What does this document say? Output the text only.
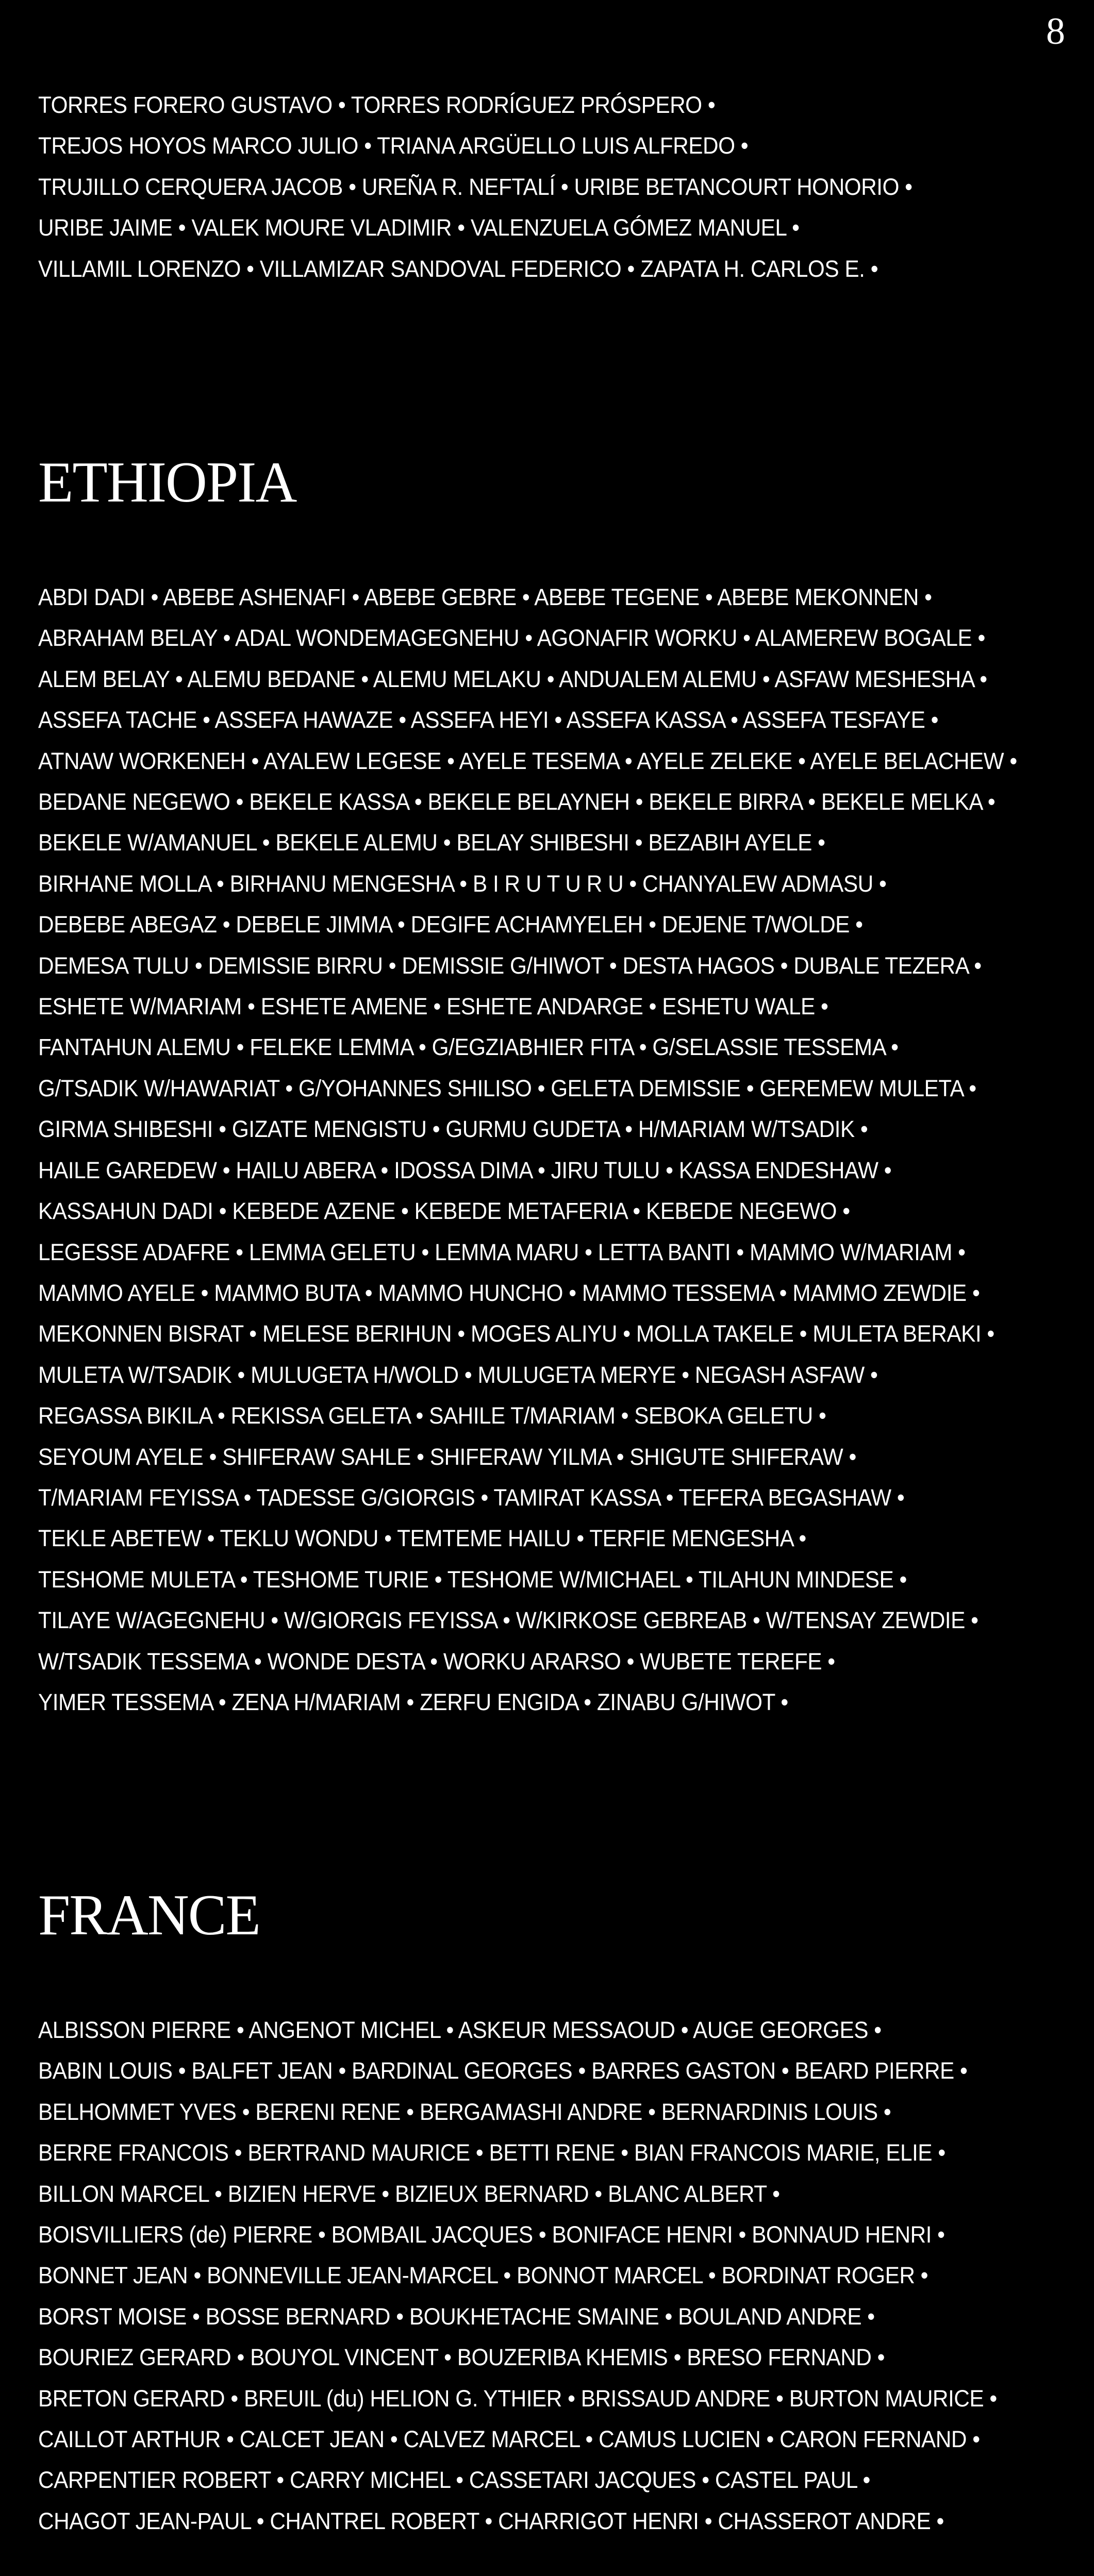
8

TORRES FORERO GUSTAVO • TORRES RODRÍGUEZ PRÓSPERO •

TREJOS HOYOS MARCO JULIO • TRIANA ARGÜELLO LUIS ALFREDO •

TRUJILLO CERQUERA JACOB • UREÑA R. NEFTALÍ • URIBE BETANCOURT HONORIO •

URIBE JAIME • VALEK MOURE VLADIMIR • VALENZUELA GÓMEZ MANUEL •

VILLAMIL LORENZO • VILLAMIZAR SANDOVAL FEDERICO • ZAPATA H. CARLOS E. •

ETHIOPIA

ABDI DADI • ABEBE ASHENAFI • ABEBE GEBRE • ABEBE TEGENE • ABEBE MEKONNEN •

ABRAHAM BELAY • ADAL WONDEMAGEGNEHU • AGONAFIR WORKU • ALAMEREW BOGALE •

ALEM BELAY • ALEMU BEDANE • ALEMU MELAKU • ANDUALEM ALEMU • ASFAW MESHESHA •

ASSEFA TACHE • ASSEFA HAWAZE • ASSEFA HEYI • ASSEFA KASSA • ASSEFA TESFAYE •

ATNAW WORKENEH • AYALEW LEGESE • AYELE TESEMA • AYELE ZELEKE • AYELE BELACHEW •

BEDANE NEGEWO • BEKELE KASSA • BEKELE BELAYNEH • BEKELE BIRRA • BEKELE MELKA •

BEKELE W/AMANUEL • BEKELE ALEMU • BELAY SHIBESHI • BEZABIH AYELE •

BIRHANE MOLLA • BIRHANU MENGESHA • B I R U T U R U • CHANYALEW ADMASU •

DEBEBE ABEGAZ • DEBELE JIMMA • DEGIFE ACHAMYELEH • DEJENE T/WOLDE •

DEMESA TULU • DEMISSIE BIRRU • DEMISSIE G/HIWOT • DESTA HAGOS • DUBALE TEZERA •

ESHETE W/MARIAM • ESHETE AMENE • ESHETE ANDARGE • ESHETU WALE •

FANTAHUN ALEMU • FELEKE LEMMA • G/EGZIABHIER FITA • G/SELASSIE TESSEMA •

G/TSADIK W/HAWARIAT • G/YOHANNES SHILISO • GELETA DEMISSIE • GEREMEW MULETA •

GIRMA SHIBESHI • GIZATE MENGISTU • GURMU GUDETA • H/MARIAM W/TSADIK •

HAILE GAREDEW • HAILU ABERA • IDOSSA DIMA • JIRU TULU • KASSA ENDESHAW •

KASSAHUN DADI • KEBEDE AZENE • KEBEDE METAFERIA • KEBEDE NEGEWO •

LEGESSE ADAFRE • LEMMA GELETU • LEMMA MARU • LETTA BANTI • MAMMO W/MARIAM •

MAMMO AYELE • MAMMO BUTA • MAMMO HUNCHO • MAMMO TESSEMA • MAMMO ZEWDIE •

MEKONNEN BISRAT • MELESE BERIHUN • MOGES ALIYU • MOLLA TAKELE • MULETA BERAKI •

MULETA W/TSADIK • MULUGETA H/WOLD • MULUGETA MERYE • NEGASH ASFAW •

REGASSA BIKILA • REKISSA GELETA • SAHILE T/MARIAM • SEBOKA GELETU •

SEYOUM AYELE • SHIFERAW SAHLE • SHIFERAW YILMA • SHIGUTE SHIFERAW •

T/MARIAM FEYISSA • TADESSE G/GIORGIS • TAMIRAT KASSA • TEFERA BEGASHAW •

TEKLE ABETEW • TEKLU WONDU • TEMTEME HAILU • TERFIE MENGESHA •

TESHOME MULETA • TESHOME TURIE • TESHOME W/MICHAEL • TILAHUN MINDESE •

TILAYE W/AGEGNEHU • W/GIORGIS FEYISSA • W/KIRKOSE GEBREAB • W/TENSAY ZEWDIE •

W/TSADIK TESSEMA • WONDE DESTA • WORKU ARARSO • WUBETE TEREFE •

YIMER TESSEMA • ZENA H/MARIAM • ZERFU ENGIDA • ZINABU G/HIWOT •

FRANCE

ALBISSON PIERRE • ANGENOT MICHEL • ASKEUR MESSAOUD • AUGE GEORGES •

BABIN LOUIS • BALFET JEAN • BARDINAL GEORGES • BARRES GASTON • BEARD PIERRE •

BELHOMMET YVES • BERENI RENE • BERGAMASHI ANDRE • BERNARDINIS LOUIS •

BERRE FRANCOIS • BERTRAND MAURICE • BETTI RENE • BIAN FRANCOIS MARIE, ELIE •

BILLON MARCEL • BIZIEN HERVE • BIZIEUX BERNARD • BLANC ALBERT •

BOISVILLIERS (de) PIERRE • BOMBAIL JACQUES • BONIFACE HENRI • BONNAUD HENRI •

BONNET JEAN • BONNEVILLE JEAN-MARCEL • BONNOT MARCEL • BORDINAT ROGER •

BORST MOISE • BOSSE BERNARD • BOUKHETACHE SMAINE • BOULAND ANDRE •

BOURIEZ GERARD • BOUYOL VINCENT • BOUZERIBA KHEMIS • BRESO FERNAND •

BRETON GERARD • BREUIL (du) HELION G. YTHIER • BRISSAUD ANDRE • BURTON MAURICE •

CAILLOT ARTHUR • CALCET JEAN • CALVEZ MARCEL • CAMUS LUCIEN • CARON FERNAND •

CARPENTIER ROBERT • CARRY MICHEL • CASSETARI JACQUES • CASTEL PAUL •

CHAGOT JEAN-PAUL • CHANTREL ROBERT • CHARRIGOT HENRI • CHASSEROT ANDRE •
